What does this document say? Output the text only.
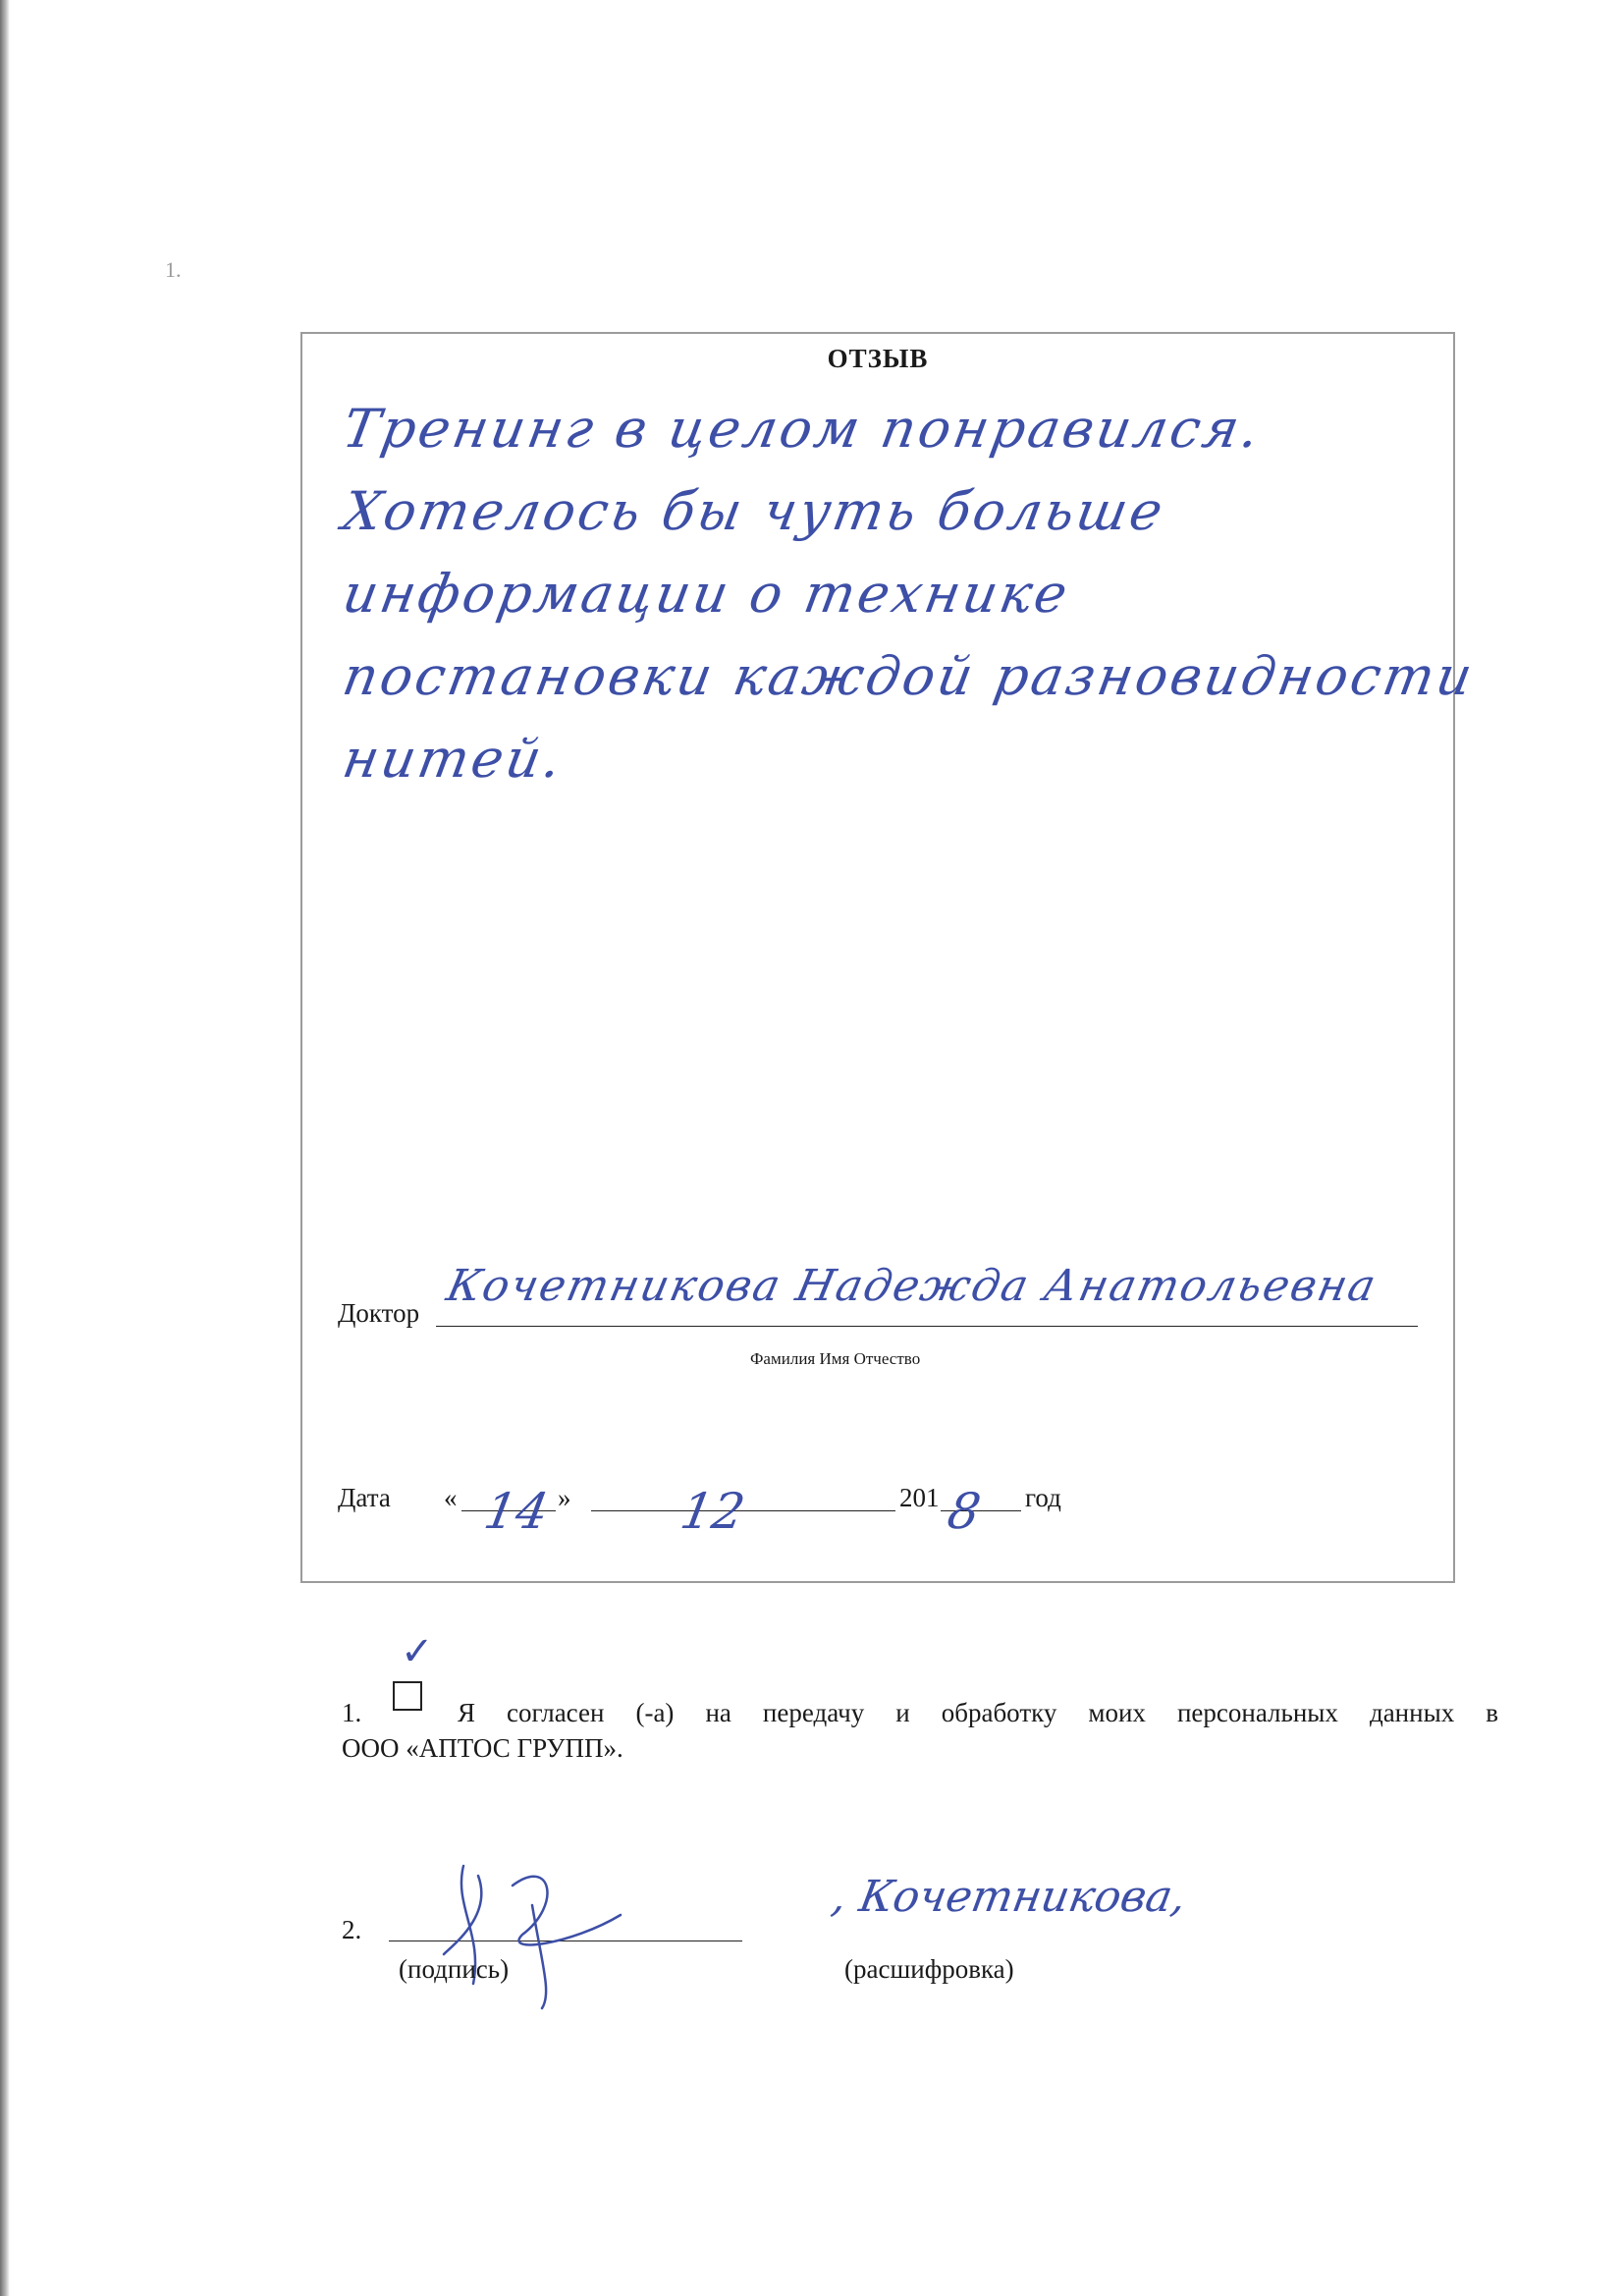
1.
ОТЗЫВ
Тренинг в целом понравился.
Хотелось бы чуть больше
информации о технике
постановки каждой разновидности
нитей.
Доктор
Кочетникова Надежда Анатольевна
Фамилия Имя Отчество
Дата « 14 » 12	201 8 год
1.
✓
Я согласен (-а) на передачу и обработку моих персональных данных в
ООО «АПТОС ГРУПП».
2.
(подпись)
, Кочетникова,
(расшифровка)
